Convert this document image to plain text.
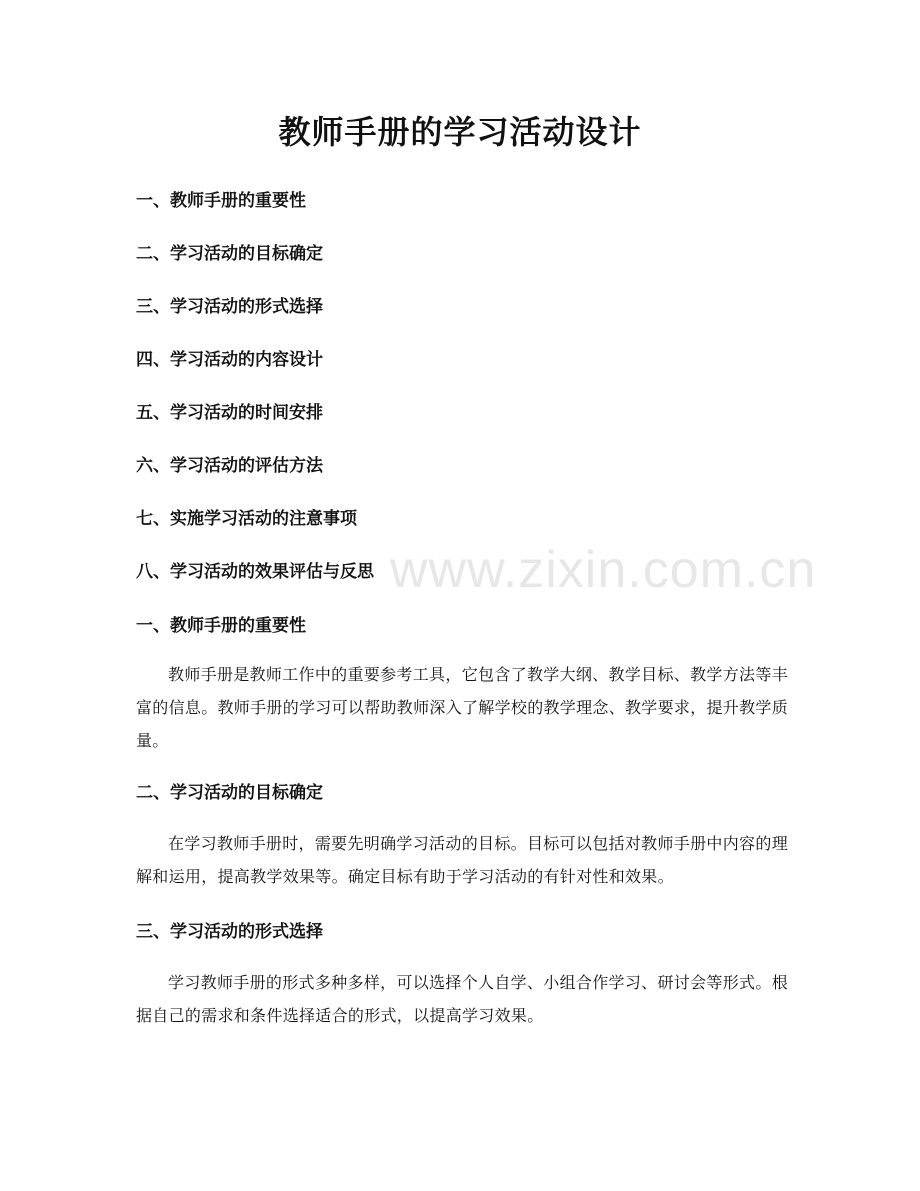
www.zixin.com.cn
教师手册的学习活动设计
一、教师手册的重要性
二、学习活动的目标确定
三、学习活动的形式选择
四、学习活动的内容设计
五、学习活动的时间安排
六、学习活动的评估方法
七、实施学习活动的注意事项
八、学习活动的效果评估与反思
一、教师手册的重要性

教师手册是教师工作中的重要参考工具，它包含了教学大纲、教学目标、教学方法等丰富的信息。教师手册的学习可以帮助教师深入了解学校的教学理念、教学要求，提升教学质量。

二、学习活动的目标确定

在学习教师手册时，需要先明确学习活动的目标。目标可以包括对教师手册中内容的理解和运用，提高教学效果等。确定目标有助于学习活动的有针对性和效果。

三、学习活动的形式选择

学习教师手册的形式多种多样，可以选择个人自学、小组合作学习、研讨会等形式。根据自己的需求和条件选择适合的形式，以提高学习效果。
